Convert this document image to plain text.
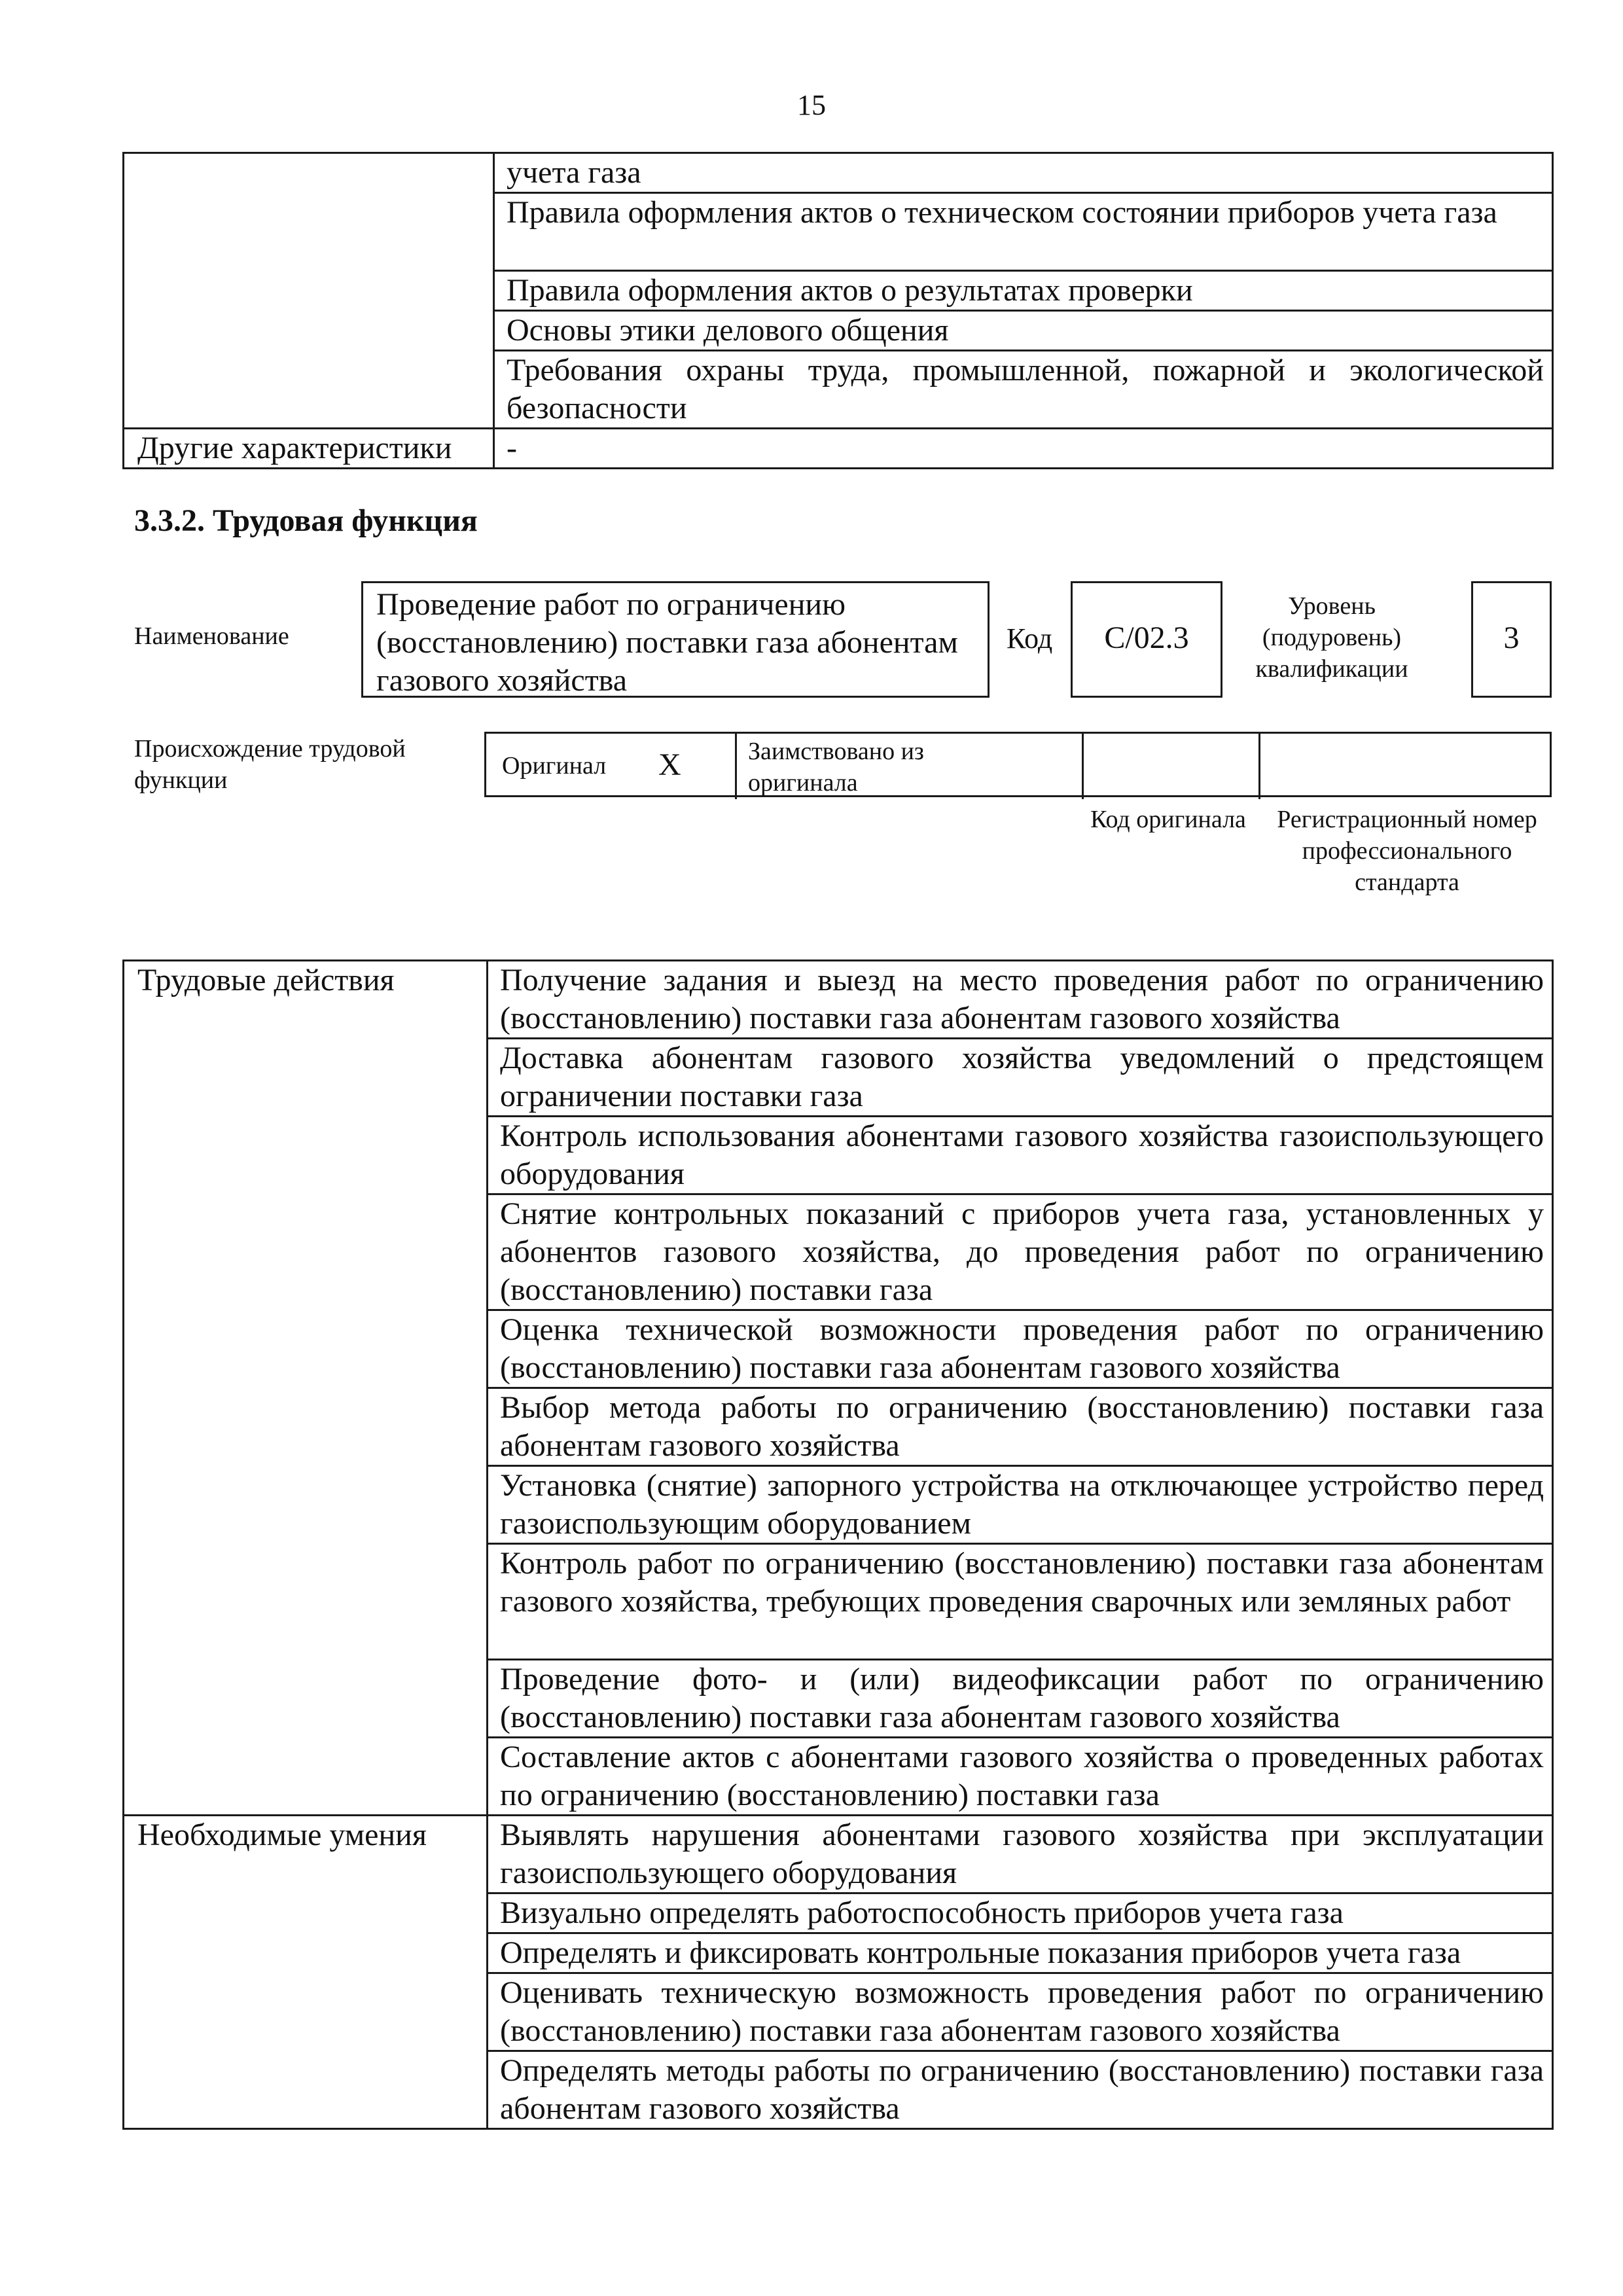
15
	учета газа
	Правила оформления актов о техническом состоянии приборов учета газа
	Правила оформления актов о результатах проверки
	Основы этики делового общения
	Требования охраны труда, промышленной, пожарной и экологической безопасности
Другие характеристики	-
3.3.2. Трудовая функция
Наименование
Проведение работ по ограничению (восстановлению) поставки газа абонентам газового хозяйства
Код	C/02.3
Уровень (подуровень) квалификации
3
Происхождение трудовой функции
Оригинал X	Заимствовано из оригинала
Код оригинала	Регистрационный номер профессионального стандарта
Трудовые действия	Получение задания и выезд на место проведения работ по ограничению (восстановлению) поставки газа абонентам газового хозяйства
	Доставка абонентам газового хозяйства уведомлений о предстоящем ограничении поставки газа
	Контроль использования абонентами газового хозяйства газоиспользующего оборудования
	Снятие контрольных показаний с приборов учета газа, установленных у абонентов газового хозяйства, до проведения работ по ограничению (восстановлению) поставки газа
	Оценка технической возможности проведения работ по ограничению (восстановлению) поставки газа абонентам газового хозяйства
	Выбор метода работы по ограничению (восстановлению) поставки газа абонентам газового хозяйства
	Установка (снятие) запорного устройства на отключающее устройство перед газоиспользующим оборудованием
	Контроль работ по ограничению (восстановлению) поставки газа абонентам газового хозяйства, требующих проведения сварочных или земляных работ
	Проведение фото- и (или) видеофиксации работ по ограничению (восстановлению) поставки газа абонентам газового хозяйства
	Составление актов с абонентами газового хозяйства о проведенных работах по ограничению (восстановлению) поставки газа
Необходимые умения	Выявлять нарушения абонентами газового хозяйства при эксплуатации газоиспользующего оборудования
	Визуально определять работоспособность приборов учета газа
	Определять и фиксировать контрольные показания приборов учета газа
	Оценивать техническую возможность проведения работ по ограничению (восстановлению) поставки газа абонентам газового хозяйства
	Определять методы работы по ограничению (восстановлению) поставки газа абонентам газового хозяйства
